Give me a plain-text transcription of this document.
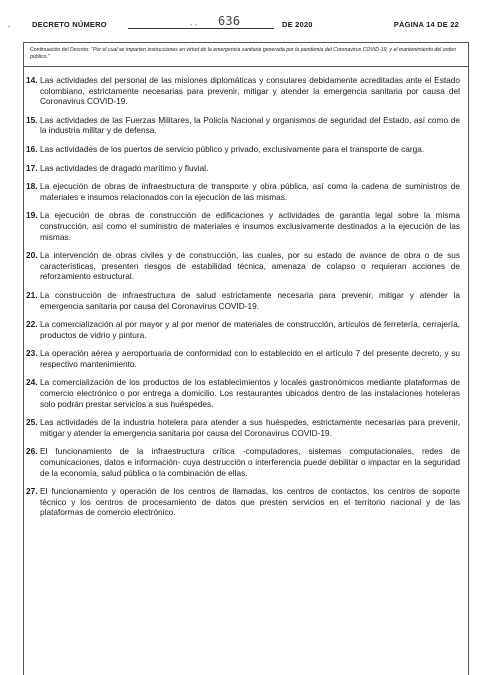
.	DECRETO NÚMERO	- - 636	DE 2020	PÁGINA 14 DE 22
Continuación del Decreto: "Por el cual se imparten instrucciones en virtud de la emergencia sanitaria generada por la pandemia del Coronavirus COVID-19, y el mantenimiento del orden público."
14. Las actividades del personal de las misiones diplomáticas y consulares debidamente acreditadas ante el Estado colombiano, estrictamente necesarias para prevenir, mitigar y atender la emergencia sanitaria por causa del Coronavirus COVID-19.
15. Las actividades de las Fuerzas Militares, la Policía Nacional y organismos de seguridad del Estado, así como de la industria militar y de defensa.
16. Las actividades de los puertos de servicio público y privado, exclusivamente para el transporte de carga.
17. Las actividades de dragado marítimo y fluvial.
18. La ejecución de obras de infraestructura de transporte y obra pública, así como la cadena de suministros de materiales e insumos relacionados con la ejecución de las mismas.
19. La ejecución de obras de construcción de edificaciones y actividades de garantía legal sobre la misma construcción, así como el suministro de materiales e insumos exclusivamente destinados a la ejecución de las mismas.
20. La intervención de obras civiles y de construcción, las cuales, por su estado de avance de obra o de sus características, presenten riesgos de estabilidad técnica, amenaza de colapso o requieran acciones de reforzamiento estructural.
21. La construcción de infraestructura de salud estrictamente necesaria para prevenir, mitigar y atender la emergencia sanitaria por causa del Coronavirus COVID-19.
22. La comercialización al por mayor y al por menor de materiales de construcción, artículos de ferretería, cerrajería, productos de vidrio y pintura.
23. La operación aérea y aeroportuaria de conformidad con lo establecido en el artículo 7 del presente decreto, y su respectivo mantenimiento.
24. La comercialización de los productos de los establecimientos y locales gastronómicos mediante plataformas de comercio electrónico o por entrega a domicilio. Los restaurantes ubicados dentro de las instalaciones hoteleras solo podrán prestar servicios a sus huéspedes.
25. Las actividades de la industria hotelera para atender a sus huéspedes, estrictamente necesarias para prevenir, mitigar y atender la emergencia sanitaria por causa del Coronavirus COVID-19.
26. El funcionamiento de la infraestructura crítica -computadores, sistemas computacionales, redes de comunicaciones, datos e información- cuya destrucción o interferencia puede debilitar o impactar en la seguridad de la economía, salud pública o la combinación de ellas.
27. El funcionamiento y operación de los centros de llamadas, los centros de contactos, los centros de soporte técnico y los centros de procesamiento de datos que presten servicios en el territorio nacional y de las plataformas de comercio electrónico.
